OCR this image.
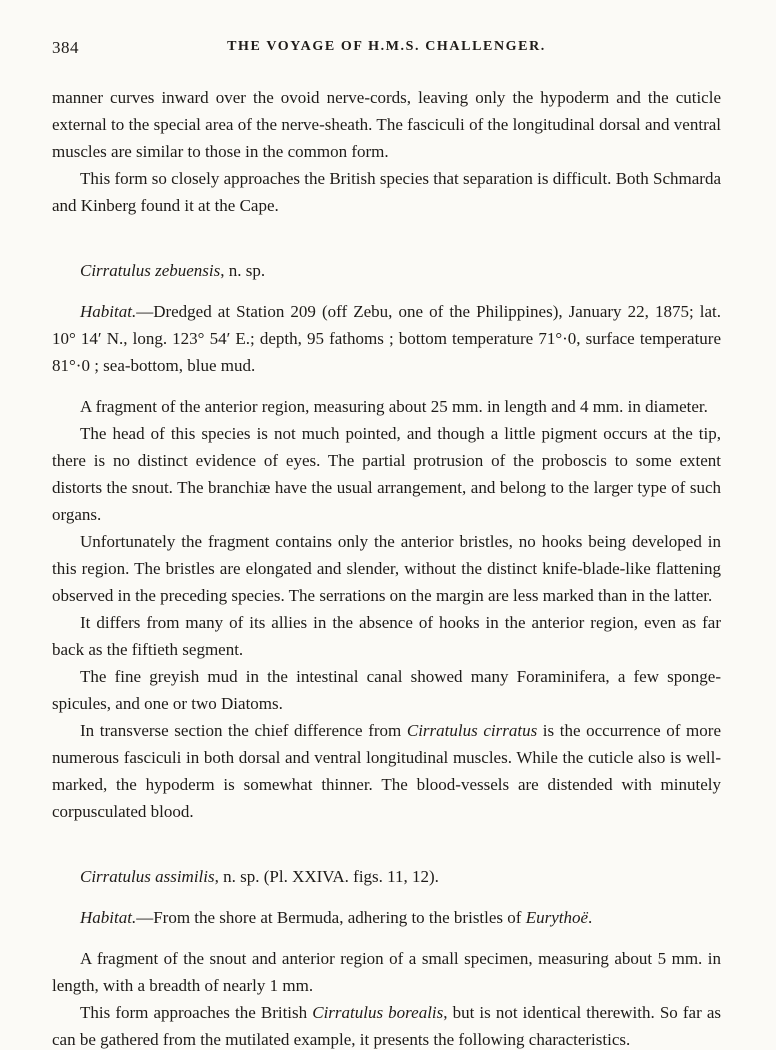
384	THE VOYAGE OF H.M.S. CHALLENGER.

manner curves inward over the ovoid nerve-cords, leaving only the hypoderm and the cuticle external to the special area of the nerve-sheath. The fasciculi of the longitudinal dorsal and ventral muscles are similar to those in the common form.

This form so closely approaches the British species that separation is difficult. Both Schmarda and Kinberg found it at the Cape.

Cirratulus zebuensis, n. sp.

Habitat.—Dredged at Station 209 (off Zebu, one of the Philippines), January 22, 1875; lat. 10° 14′ N., long. 123° 54′ E.; depth, 95 fathoms ; bottom temperature 71°·0, surface temperature 81°·0 ; sea-bottom, blue mud.

A fragment of the anterior region, measuring about 25 mm. in length and 4 mm. in diameter.

The head of this species is not much pointed, and though a little pigment occurs at the tip, there is no distinct evidence of eyes. The partial protrusion of the proboscis to some extent distorts the snout. The branchiæ have the usual arrangement, and belong to the larger type of such organs.

Unfortunately the fragment contains only the anterior bristles, no hooks being developed in this region. The bristles are elongated and slender, without the distinct knife-blade-like flattening observed in the preceding species. The serrations on the margin are less marked than in the latter.

It differs from many of its allies in the absence of hooks in the anterior region, even as far back as the fiftieth segment.

The fine greyish mud in the intestinal canal showed many Foraminifera, a few sponge-spicules, and one or two Diatoms.

In transverse section the chief difference from Cirratulus cirratus is the occurrence of more numerous fasciculi in both dorsal and ventral longitudinal muscles. While the cuticle also is well-marked, the hypoderm is somewhat thinner. The blood-vessels are distended with minutely corpusculated blood.

Cirratulus assimilis, n. sp. (Pl. XXIVA. figs. 11, 12).

Habitat.—From the shore at Bermuda, adhering to the bristles of Eurythoë.

A fragment of the snout and anterior region of a small specimen, measuring about 5 mm. in length, with a breadth of nearly 1 mm.

This form approaches the British Cirratulus borealis, but is not identical therewith. So far as can be gathered from the mutilated example, it presents the following characteristics.
